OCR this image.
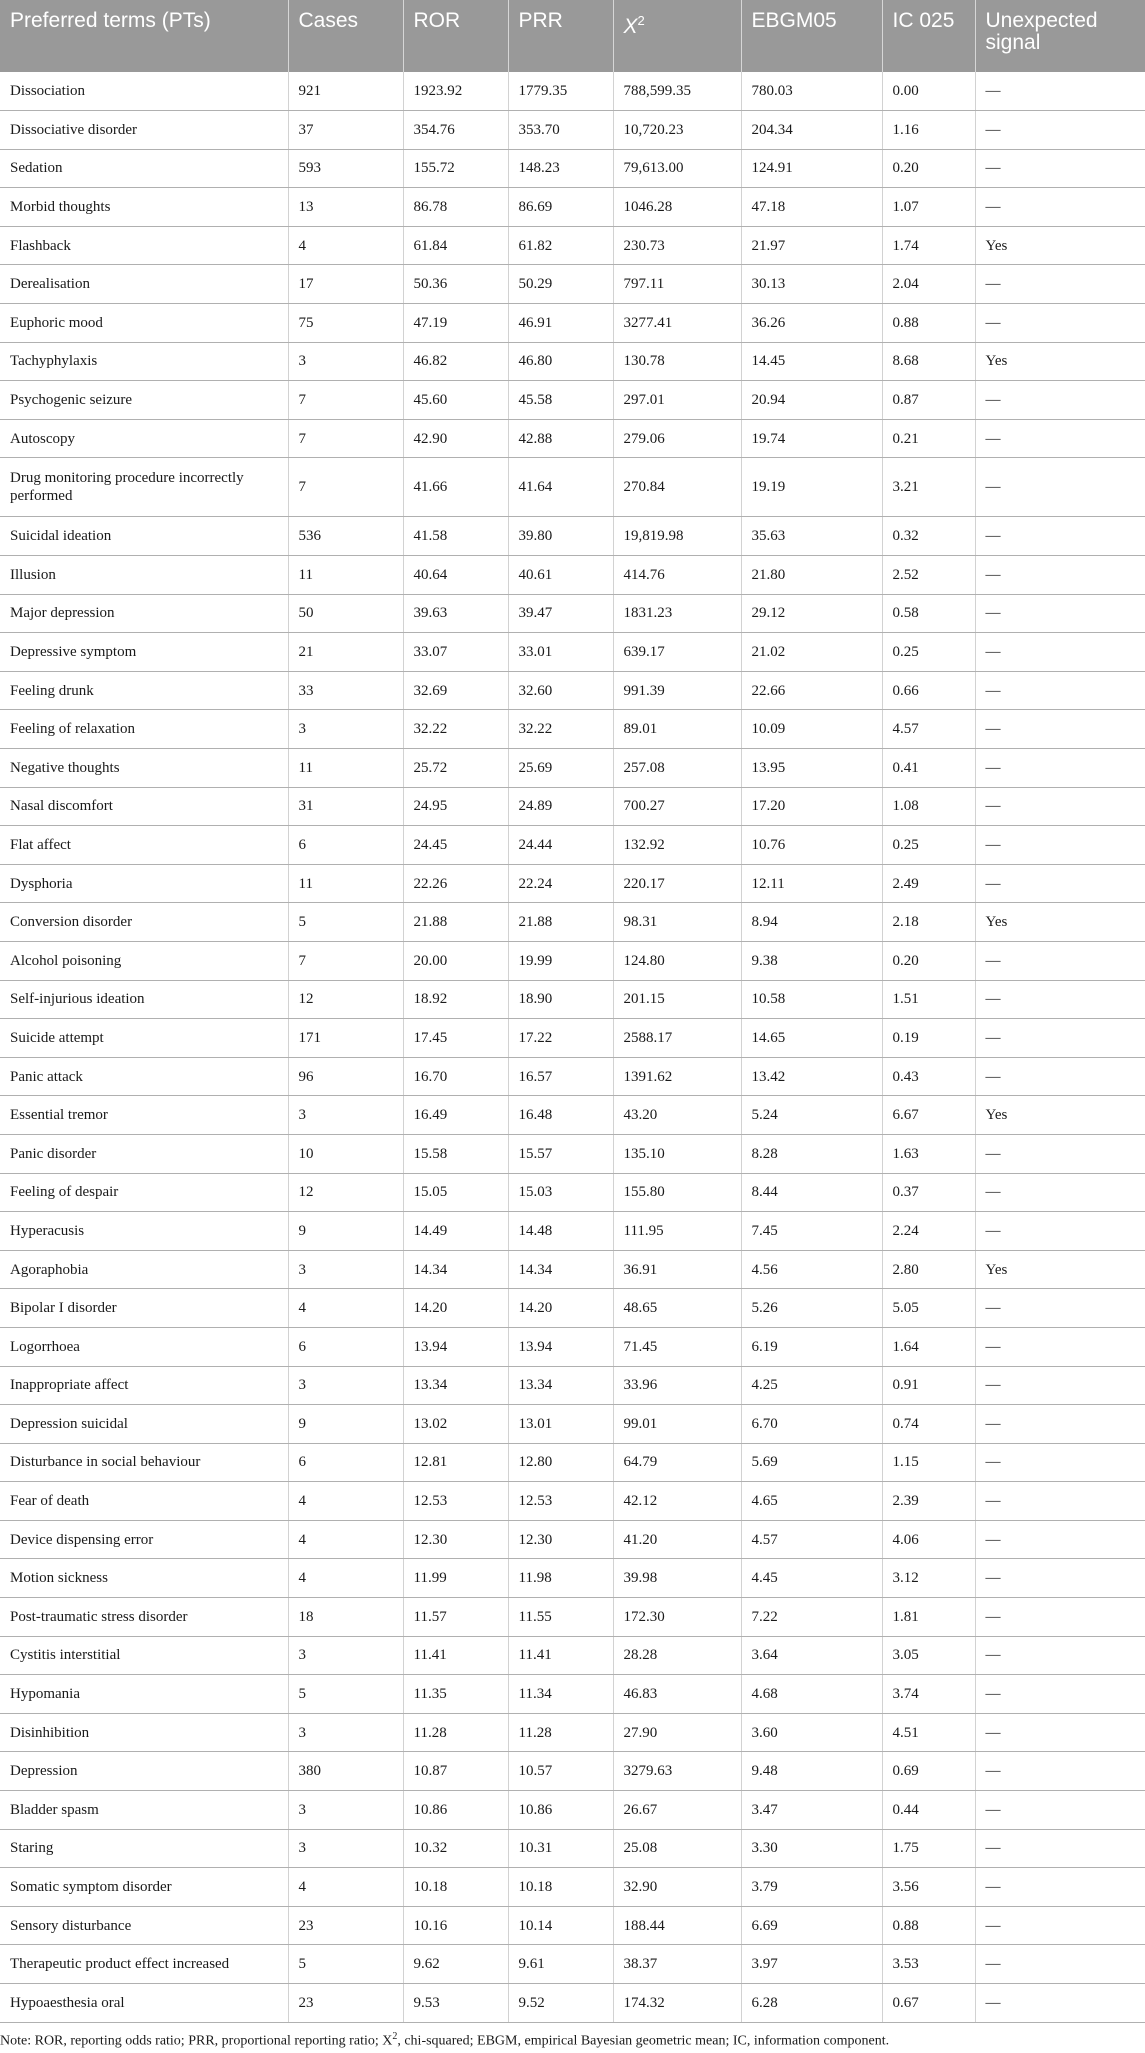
Preferred terms (PTs)	Cases	ROR	PRR	$X^2$	EBGM05	IC 025	Unexpected signal
Dissociation	921	1923.92	1779.35	788,599.35	780.03	0.00	—
Dissociative disorder	37	354.76	353.70	10,720.23	204.34	1.16	—
Sedation	593	155.72	148.23	79,613.00	124.91	0.20	—
Morbid thoughts	13	86.78	86.69	1046.28	47.18	1.07	—
Flashback	4	61.84	61.82	230.73	21.97	1.74	Yes
Derealisation	17	50.36	50.29	797.11	30.13	2.04	—
Euphoric mood	75	47.19	46.91	3277.41	36.26	0.88	—
Tachyphylaxis	3	46.82	46.80	130.78	14.45	8.68	Yes
Psychogenic seizure	7	45.60	45.58	297.01	20.94	0.87	—
Autoscopy	7	42.90	42.88	279.06	19.74	0.21	—
Drug monitoring procedure incorrectly performed	7	41.66	41.64	270.84	19.19	3.21	—
Suicidal ideation	536	41.58	39.80	19,819.98	35.63	0.32	—
Illusion	11	40.64	40.61	414.76	21.80	2.52	—
Major depression	50	39.63	39.47	1831.23	29.12	0.58	—
Depressive symptom	21	33.07	33.01	639.17	21.02	0.25	—
Feeling drunk	33	32.69	32.60	991.39	22.66	0.66	—
Feeling of relaxation	3	32.22	32.22	89.01	10.09	4.57	—
Negative thoughts	11	25.72	25.69	257.08	13.95	0.41	—
Nasal discomfort	31	24.95	24.89	700.27	17.20	1.08	—
Flat affect	6	24.45	24.44	132.92	10.76	0.25	—
Dysphoria	11	22.26	22.24	220.17	12.11	2.49	—
Conversion disorder	5	21.88	21.88	98.31	8.94	2.18	Yes
Alcohol poisoning	7	20.00	19.99	124.80	9.38	0.20	—
Self-injurious ideation	12	18.92	18.90	201.15	10.58	1.51	—
Suicide attempt	171	17.45	17.22	2588.17	14.65	0.19	—
Panic attack	96	16.70	16.57	1391.62	13.42	0.43	—
Essential tremor	3	16.49	16.48	43.20	5.24	6.67	Yes
Panic disorder	10	15.58	15.57	135.10	8.28	1.63	—
Feeling of despair	12	15.05	15.03	155.80	8.44	0.37	—
Hyperacusis	9	14.49	14.48	111.95	7.45	2.24	—
Agoraphobia	3	14.34	14.34	36.91	4.56	2.80	Yes
Bipolar I disorder	4	14.20	14.20	48.65	5.26	5.05	—
Logorrhoea	6	13.94	13.94	71.45	6.19	1.64	—
Inappropriate affect	3	13.34	13.34	33.96	4.25	0.91	—
Depression suicidal	9	13.02	13.01	99.01	6.70	0.74	—
Disturbance in social behaviour	6	12.81	12.80	64.79	5.69	1.15	—
Fear of death	4	12.53	12.53	42.12	4.65	2.39	—
Device dispensing error	4	12.30	12.30	41.20	4.57	4.06	—
Motion sickness	4	11.99	11.98	39.98	4.45	3.12	—
Post-traumatic stress disorder	18	11.57	11.55	172.30	7.22	1.81	—
Cystitis interstitial	3	11.41	11.41	28.28	3.64	3.05	—
Hypomania	5	11.35	11.34	46.83	4.68	3.74	—
Disinhibition	3	11.28	11.28	27.90	3.60	4.51	—
Depression	380	10.87	10.57	3279.63	9.48	0.69	—
Bladder spasm	3	10.86	10.86	26.67	3.47	0.44	—
Staring	3	10.32	10.31	25.08	3.30	1.75	—
Somatic symptom disorder	4	10.18	10.18	32.90	3.79	3.56	—
Sensory disturbance	23	10.16	10.14	188.44	6.69	0.88	—
Therapeutic product effect increased	5	9.62	9.61	38.37	3.97	3.53	—
Hypoaesthesia oral	23	9.53	9.52	174.32	6.28	0.67	—
Note: ROR, reporting odds ratio; PRR, proportional reporting ratio; $X^2$, chi-squared; EBGM, empirical Bayesian geometric mean; IC, information component.
